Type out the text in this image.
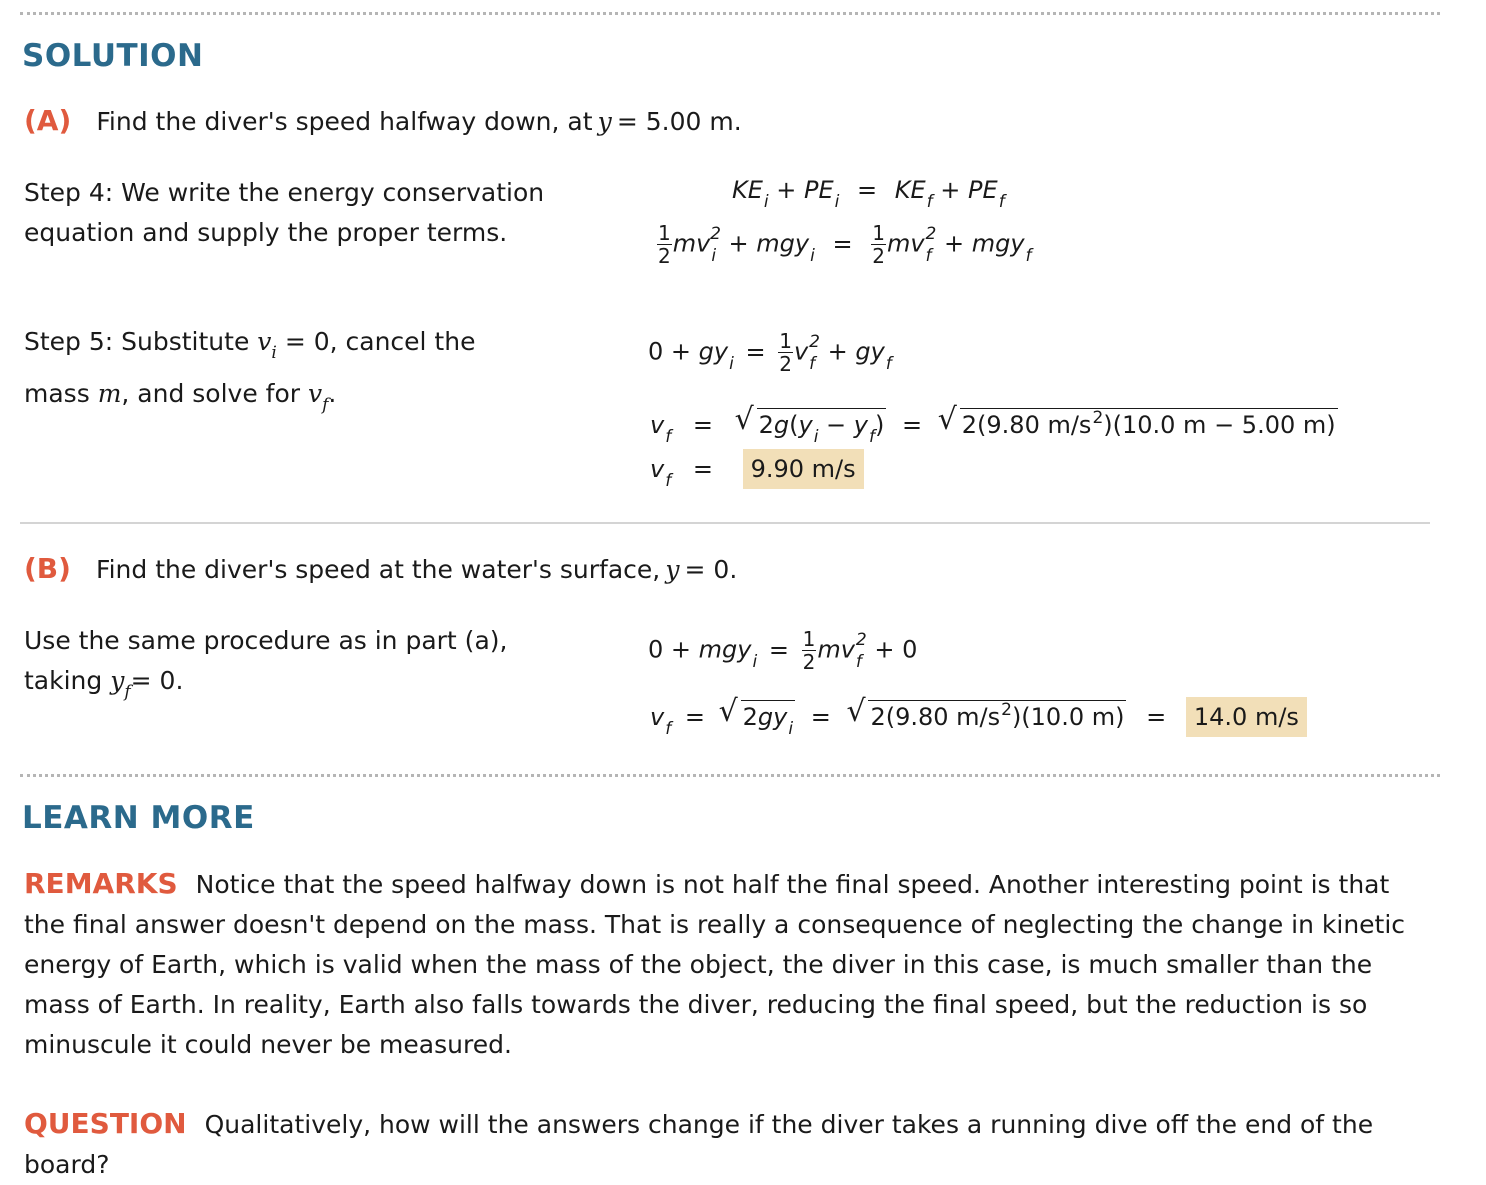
SOLUTION
(A) Find the diver's speed halfway down, at y = 5.00 m.
Step 4: We write the energy conservation equation and supply the proper terms.
$KE_i + PE_i = KE_f + PE_f$
$\frac{1}{2} mv_i^2 + mgy_i = \frac{1}{2} mv_f^2 + mgy_f$
Step 5: Substitute $v_i = 0$, cancel the
mass m, and solve for $v_f$.
$0 + gy_i = \frac{1}{2} v_f^2 + gy_f$
$v_f$ = √ $2g(y_i - y_f)$ = √ 2(9.80 $m/s^2)(10.0$ m − 5.00 m)
$v_f = 9.90$ m/s
(B) Find the diver's speed at the water's surface, y = 0.
Use the same procedure as in part (a),
taking $y_f= 0$.
$0 + mgy_i = \frac{1}{2} mv_f^2 + 0$
$v_f$ = √ $2gy_i$ = √ 2(9.80 $m/s^2)(10.0$ m) = 14.0 m/s
LEARN MORE
REMARKS Notice that the speed halfway down is not half the final speed. Another interesting point is that the final answer doesn't depend on the mass. That is really a consequence of neglecting the change in kinetic energy of Earth, which is valid when the mass of the object, the diver in this case, is much smaller than the mass of Earth. In reality, Earth also falls towards the diver, reducing the final speed, but the reduction is so minuscule it could never be measured.
QUESTION Qualitatively, how will the answers change if the diver takes a running dive off the end of the board?
